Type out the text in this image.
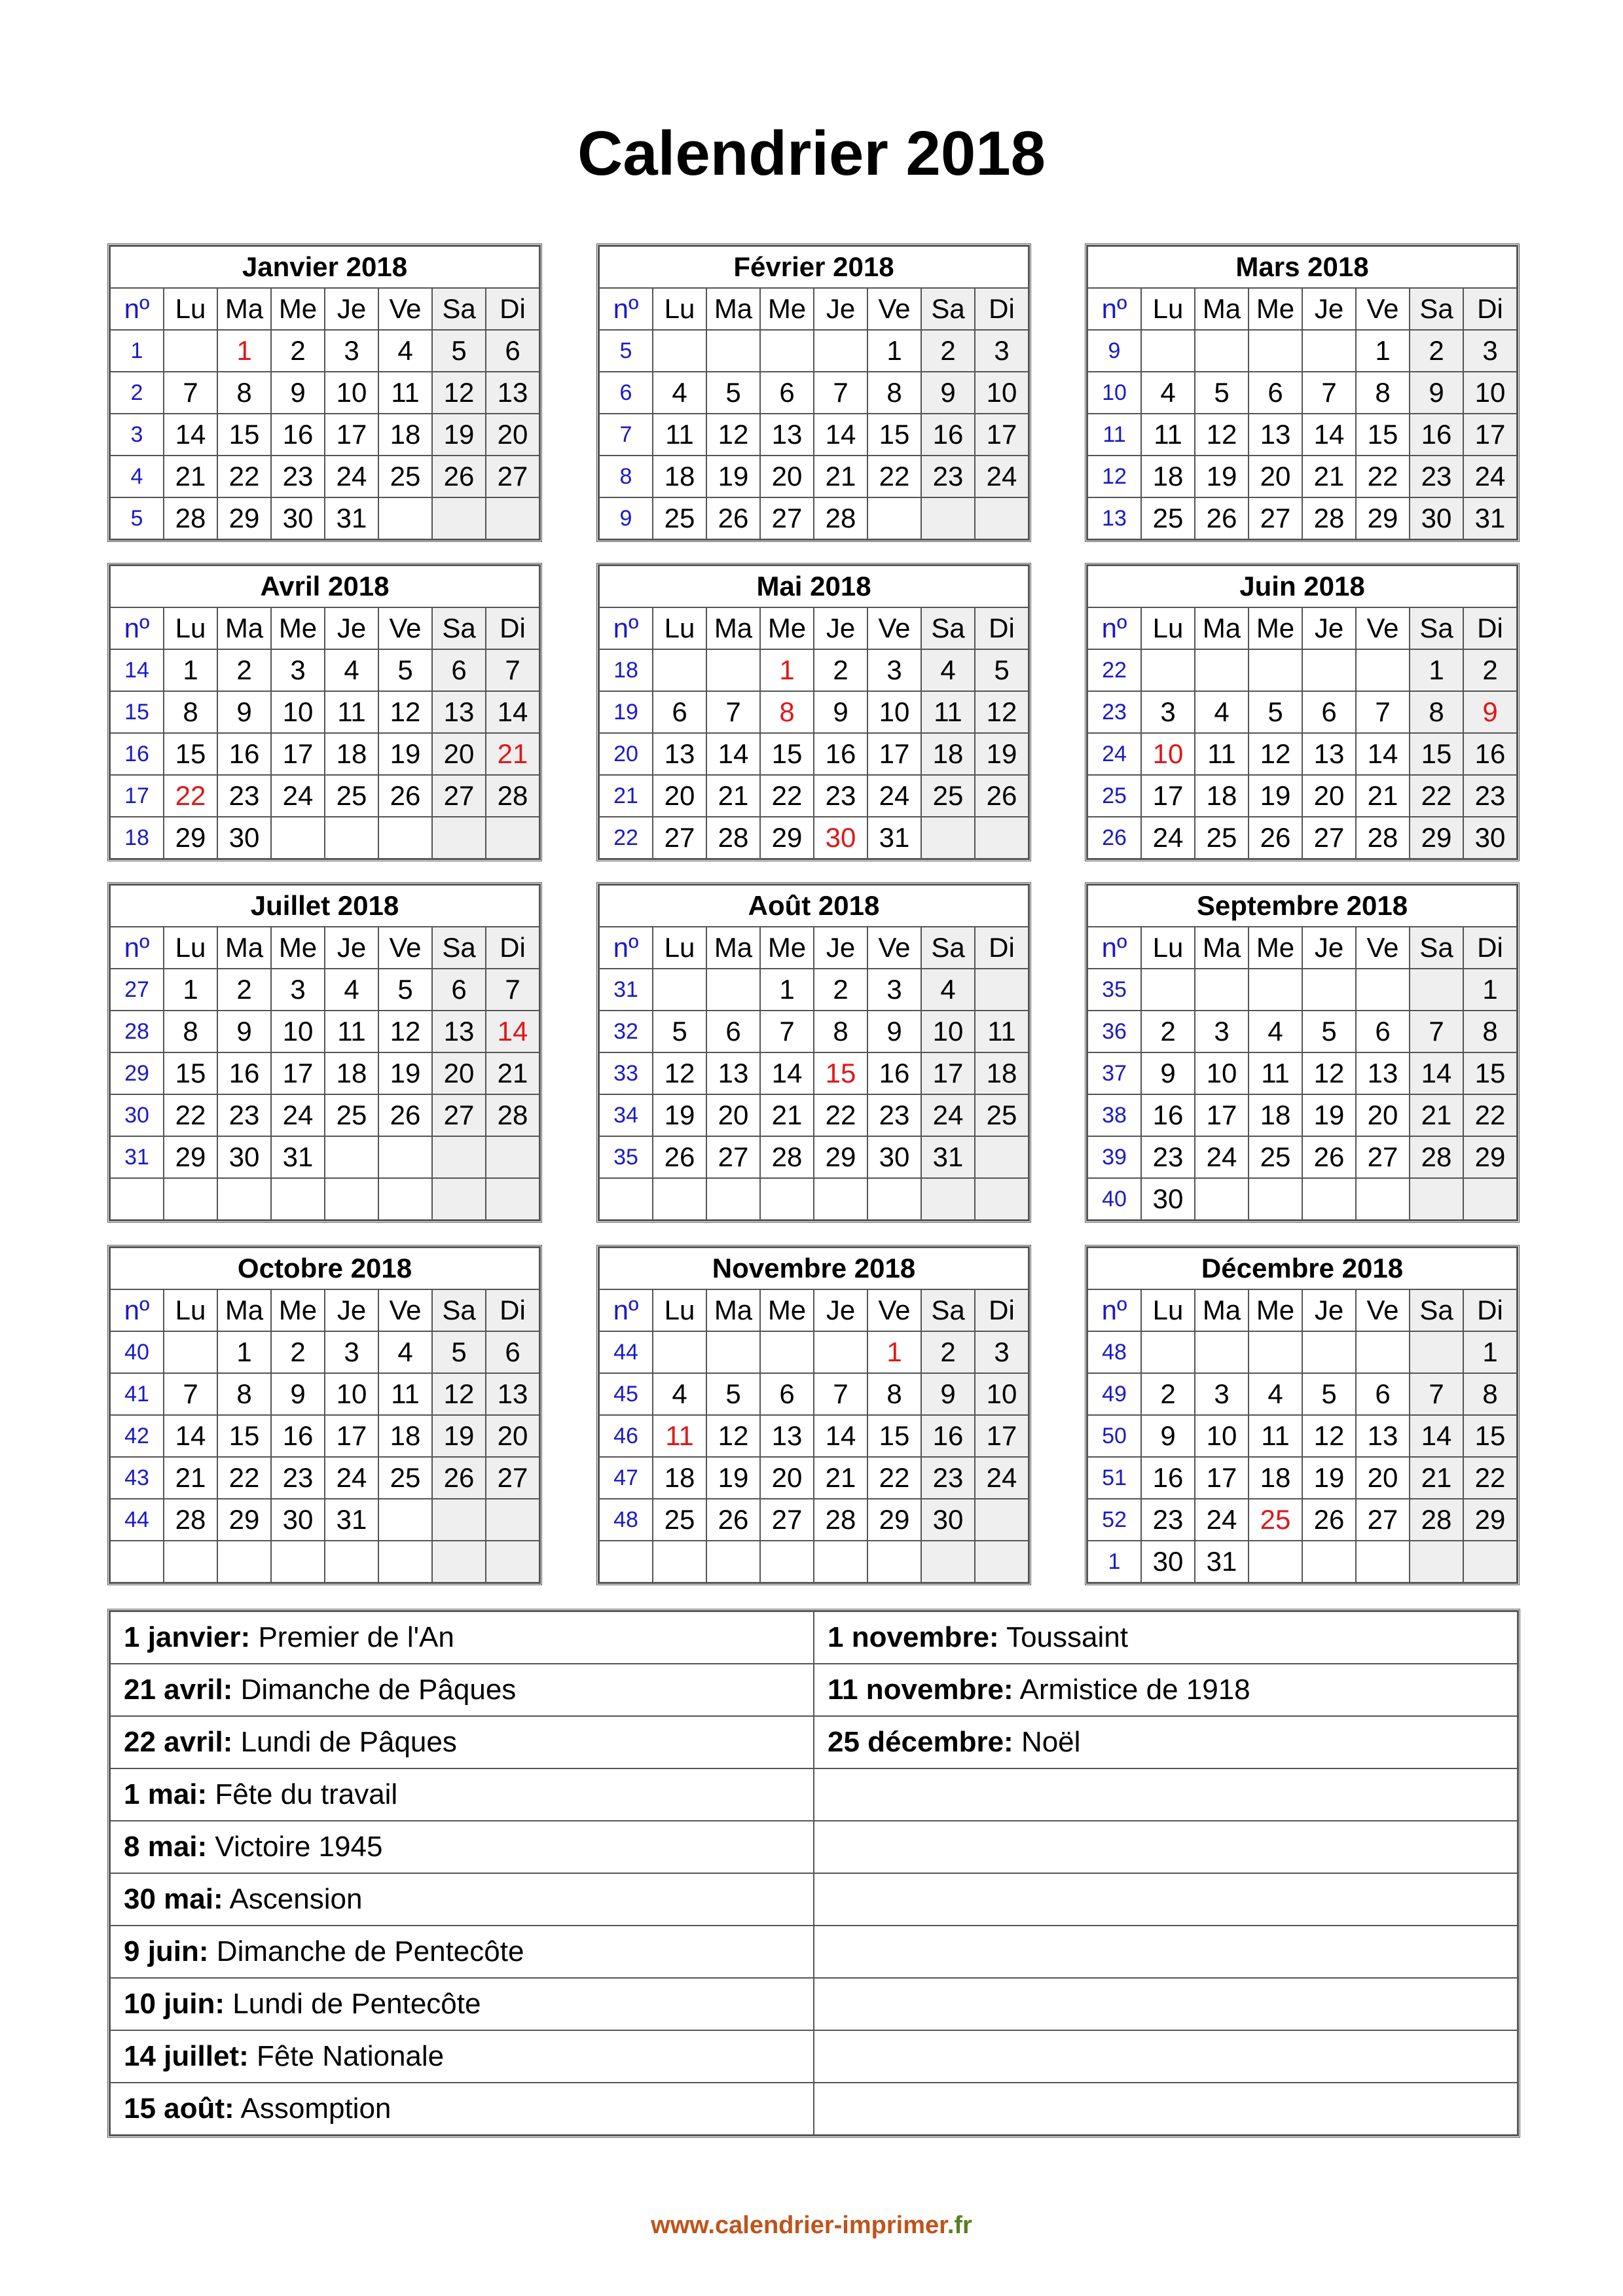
Calendrier 2018
Janvier 2018							
nº	Lu	Ma	Me	Je	Ve	Sa	Di
1		1	2	3	4	5	6
2	7	8	9	10	11	12	13
3	14	15	16	17	18	19	20
4	21	22	23	24	25	26	27
5	28	29	30	31			
Février 2018							
nº	Lu	Ma	Me	Je	Ve	Sa	Di
5					1	2	3
6	4	5	6	7	8	9	10
7	11	12	13	14	15	16	17
8	18	19	20	21	22	23	24
9	25	26	27	28			
Mars 2018							
nº	Lu	Ma	Me	Je	Ve	Sa	Di
9					1	2	3
10	4	5	6	7	8	9	10
11	11	12	13	14	15	16	17
12	18	19	20	21	22	23	24
13	25	26	27	28	29	30	31
Avril 2018							
nº	Lu	Ma	Me	Je	Ve	Sa	Di
14	1	2	3	4	5	6	7
15	8	9	10	11	12	13	14
16	15	16	17	18	19	20	21
17	22	23	24	25	26	27	28
18	29	30					
Mai 2018							
nº	Lu	Ma	Me	Je	Ve	Sa	Di
18			1	2	3	4	5
19	6	7	8	9	10	11	12
20	13	14	15	16	17	18	19
21	20	21	22	23	24	25	26
22	27	28	29	30	31		
Juin 2018							
nº	Lu	Ma	Me	Je	Ve	Sa	Di
22						1	2
23	3	4	5	6	7	8	9
24	10	11	12	13	14	15	16
25	17	18	19	20	21	22	23
26	24	25	26	27	28	29	30
Juillet 2018							
nº	Lu	Ma	Me	Je	Ve	Sa	Di
27	1	2	3	4	5	6	7
28	8	9	10	11	12	13	14
29	15	16	17	18	19	20	21
30	22	23	24	25	26	27	28
31	29	30	31				

Août 2018							
nº	Lu	Ma	Me	Je	Ve	Sa	Di
31			1	2	3	4	
32	5	6	7	8	9	10	11
33	12	13	14	15	16	17	18
34	19	20	21	22	23	24	25
35	26	27	28	29	30	31	

Septembre 2018							
nº	Lu	Ma	Me	Je	Ve	Sa	Di
35							1
36	2	3	4	5	6	7	8
37	9	10	11	12	13	14	15
38	16	17	18	19	20	21	22
39	23	24	25	26	27	28	29
40	30						
Octobre 2018							
nº	Lu	Ma	Me	Je	Ve	Sa	Di
40		1	2	3	4	5	6
41	7	8	9	10	11	12	13
42	14	15	16	17	18	19	20
43	21	22	23	24	25	26	27
44	28	29	30	31			

Novembre 2018							
nº	Lu	Ma	Me	Je	Ve	Sa	Di
44					1	2	3
45	4	5	6	7	8	9	10
46	11	12	13	14	15	16	17
47	18	19	20	21	22	23	24
48	25	26	27	28	29	30	

Décembre 2018							
nº	Lu	Ma	Me	Je	Ve	Sa	Di
48							1
49	2	3	4	5	6	7	8
50	9	10	11	12	13	14	15
51	16	17	18	19	20	21	22
52	23	24	25	26	27	28	29
1	30	31					
1 janvier: Premier de l'An	1 novembre: Toussaint
21 avril: Dimanche de Pâques	11 novembre: Armistice de 1918
22 avril: Lundi de Pâques	25 décembre: Noël
1 mai: Fête du travail	
8 mai: Victoire 1945	
30 mai: Ascension	
9 juin: Dimanche de Pentecôte	
10 juin: Lundi de Pentecôte	
14 juillet: Fête Nationale	
15 août: Assomption	
www.calendrier-imprimer.fr
